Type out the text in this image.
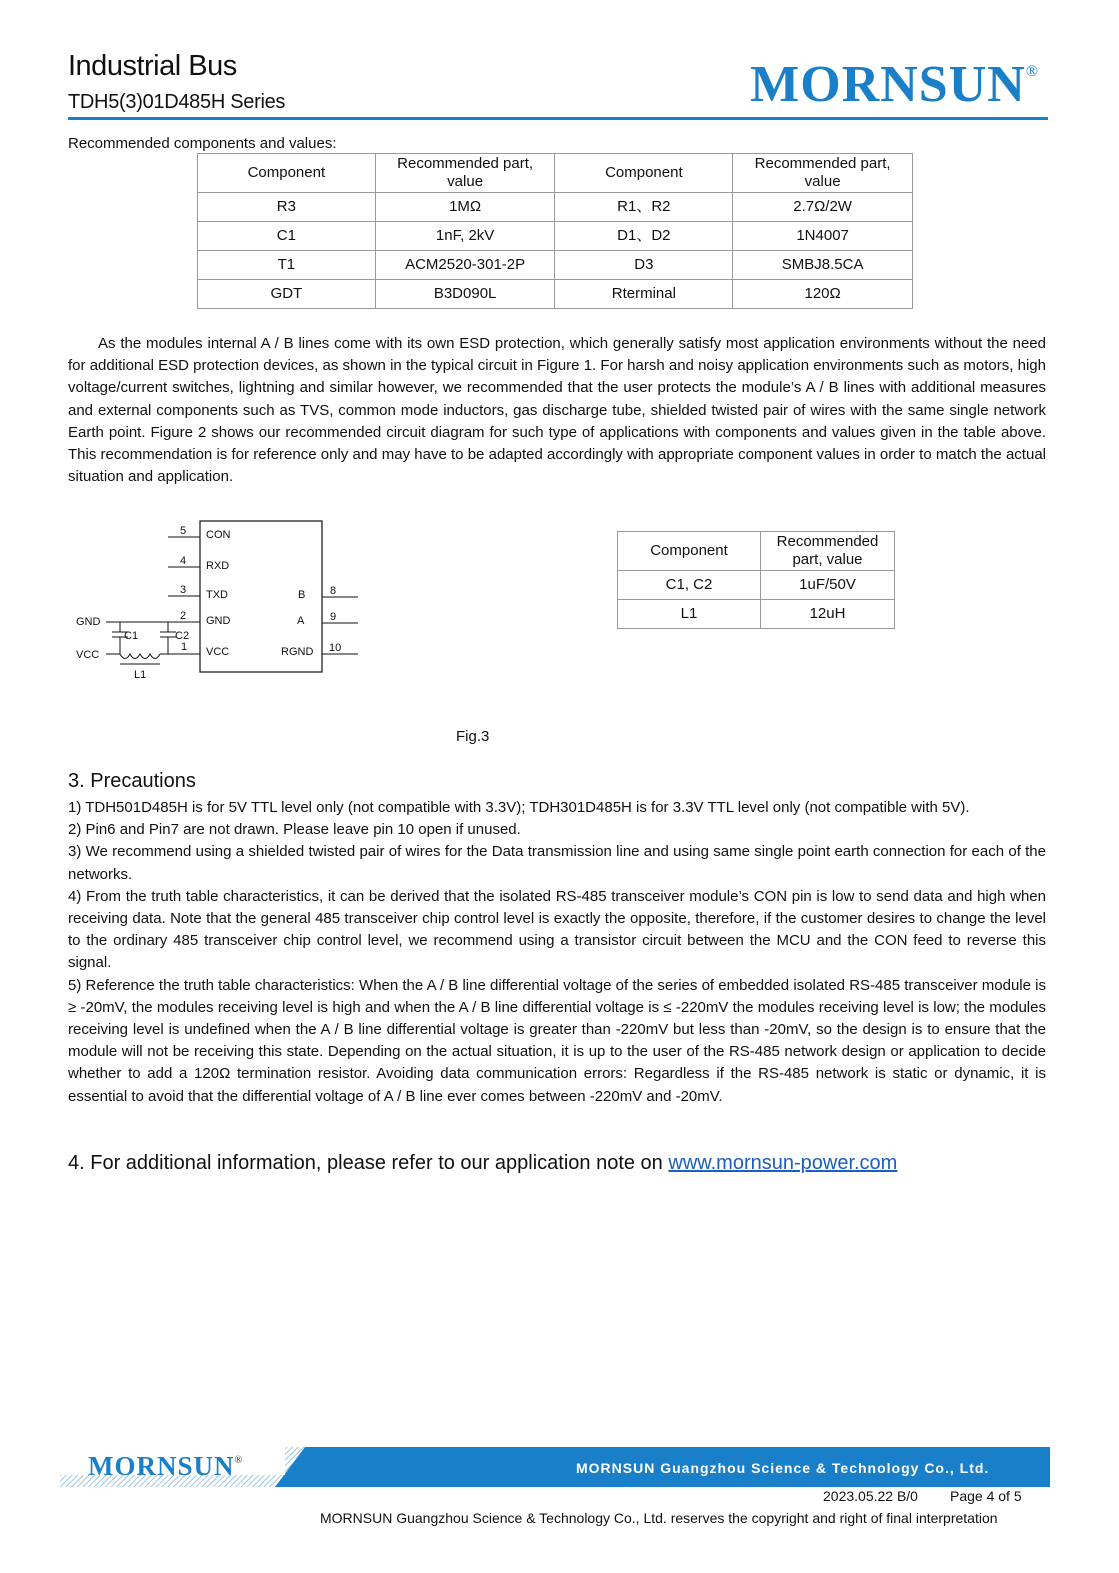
Industrial Bus
TDH5(3)01D485H Series	MORNSUN®
Recommended components and values:
Component	Recommended part, value	Component	Recommended part, value
R3	1MΩ	R1、R2	2.7Ω/2W
C1	1nF, 2kV	D1、D2	1N4007
T1	ACM2520-301-2P	D3	SMBJ8.5CA
GDT	B3D090L	Rterminal	120Ω

As the modules internal A / B lines come with its own ESD protection, which generally satisfy most application environments without the need for additional ESD protection devices, as shown in the typical circuit in Figure 1. For harsh and noisy application environments such as motors, high voltage/current switches, lightning and similar however, we recommended that the user protects the module’s A / B lines with additional measures and external components such as TVS, common mode inductors, gas discharge tube, shielded twisted pair of wires with the same single network Earth point. Figure 2 shows our recommended circuit diagram for such type of applications with components and values given in the table above. This recommendation is for reference only and may have to be adapted accordingly with appropriate component values in order to match the actual situation and application.

5 CON
4 RXD
3 TXD
2 GND
1 VCC
8
B
9
A
10
RGND
GND
VCC
C1	C2
L1
Component	Recommended part, value
C1, C2	1uF/50V
L1	12uH
Fig.3
3. Precautions

1) TDH501D485H is for 5V TTL level only (not compatible with 3.3V); TDH301D485H is for 3.3V TTL level only (not compatible with 5V).

2) Pin6 and Pin7 are not drawn. Please leave pin 10 open if unused.

3) We recommend using a shielded twisted pair of wires for the Data transmission line and using same single point earth connection for each of the networks.

4) From the truth table characteristics, it can be derived that the isolated RS-485 transceiver module’s CON pin is low to send data and high when receiving data. Note that the general 485 transceiver chip control level is exactly the opposite, therefore, if the customer desires to change the level to the ordinary 485 transceiver chip control level, we recommend using a transistor circuit between the MCU and the CON feed to reverse this signal.

5) Reference the truth table characteristics: When the A / B line differential voltage of the series of embedded isolated RS-485 transceiver module is ≥ -20mV, the modules receiving level is high and when the A / B line differential voltage is ≤ -220mV the modules receiving level is low; the modules receiving level is undefined when the A / B line differential voltage is greater than -220mV but less than -20mV, so the design is to ensure that the module will not be receiving this state. Depending on the actual situation, it is up to the user of the RS-485 network design or application to decide whether to add a 120Ω termination resistor. Avoiding data communication errors: Regardless if the RS-485 network is static or dynamic, it is essential to avoid that the differential voltage of A / B line ever comes between -220mV and -20mV.

4. For additional information, please refer to our application note on www.mornsun-power.com
MORNSUN®	MORNSUN Guangzhou Science & Technology Co., Ltd.
2023.05.22 B/0 Page 4 of 5
MORNSUN Guangzhou Science & Technology Co., Ltd. reserves the copyright and right of final interpretation
